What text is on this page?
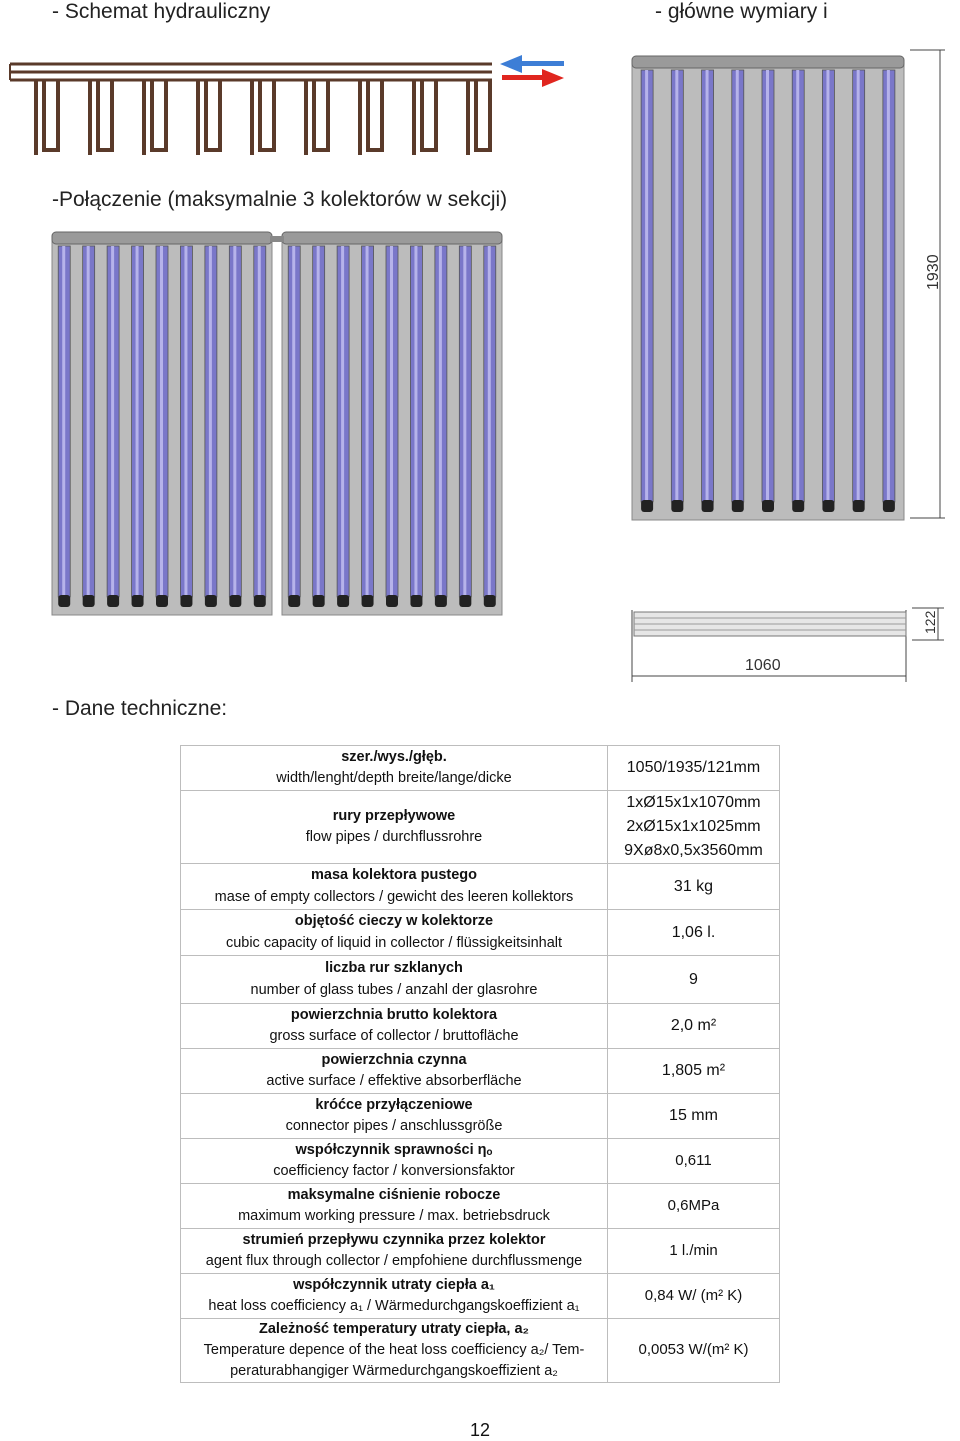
- Schemat hydrauliczny	- główne wymiary i
-Połączenie (maksymalnie 3 kolektorów w sekcji)
- Dane techniczne:
1930
1060
122
szer./wys./głęb.
width/lenght/depth breite/lange/dicke	1050/1935/121mm

rury przepływowe
flow pipes / durchflussrohre	1xØ15x1x1070mm
2xØ15x1x1025mm
9Xø8x0,5x3560mm

masa kolektora pustego
mase of empty collectors / gewicht des leeren kollektors	31 kg

objętość cieczy w kolektorze
cubic capacity of liquid in collector / flüssigkeitsinhalt	1,06 l.

liczba rur szklanych
number of glass tubes / anzahl der glasrohre	9

powierzchnia brutto kolektora
gross surface of collector / bruttofläche	2,0 m²

powierzchnia czynna
active surface / effektive absorberfläche	1,805 m²

króćce przyłączeniowe
connector pipes / anschlussgröße	15 mm

współczynnik sprawności ηₒ
coefficiency factor / konversionsfaktor	0,611

maksymalne ciśnienie robocze
maximum working pressure / max. betriebsdruck	0,6MPa

strumień przepływu czynnika przez kolektor
agent flux through collector / empfohiene durchflussmenge	1 l./min

współczynnik utraty ciepła a₁
heat loss coefficiency a₁ / Wärmedurchgangskoeffizient a₁	0,84 W/ (m² K)

Zależność temperatury utraty ciepła, a₂
Temperature depence of the heat loss coefficiency a₂/ Tem- peraturabhangiger Wärmedurchgangskoeffizient a₂	0,0053 W/(m² K)
12
